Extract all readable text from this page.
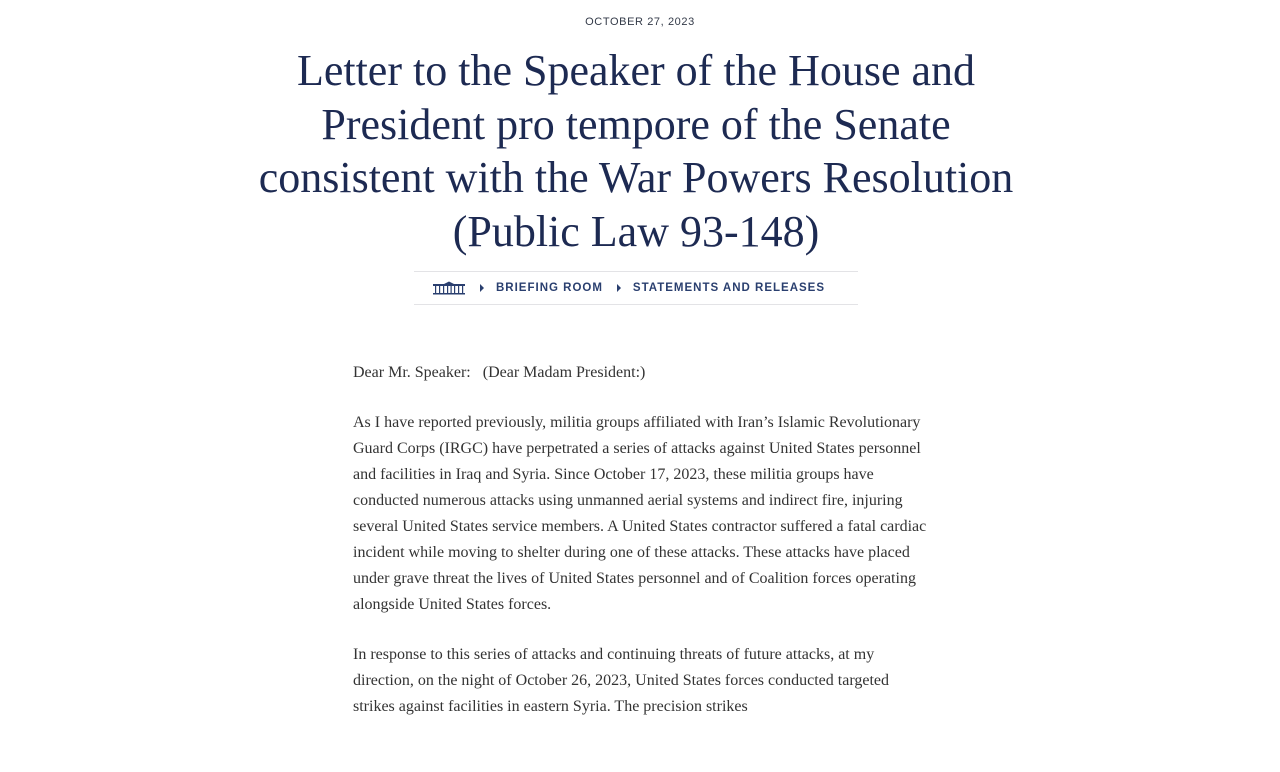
OCTOBER 27, 2023
Letter to the Speaker of the House and President pro tempore of the Senate consistent with the War Powers Resolution (Public Law 93-148)
BRIEFING ROOM	STATEMENTS AND RELEASES

Dear Mr. Speaker:   (Dear Madam President:)

As I have reported previously, militia groups affiliated with Iran’s Islamic Revolutionary Guard Corps (IRGC) have perpetrated a series of attacks against United States personnel and facilities in Iraq and Syria. Since October 17, 2023, these militia groups have conducted numerous attacks using unmanned aerial systems and indirect fire, injuring several United States service members. A United States contractor suffered a fatal cardiac incident while moving to shelter during one of these attacks. These attacks have placed under grave threat the lives of United States personnel and of Coalition forces operating alongside United States forces.

In response to this series of attacks and continuing threats of future attacks, at my direction, on the night of October 26, 2023, United States forces conducted targeted strikes against facilities in eastern Syria. The precision strikes
